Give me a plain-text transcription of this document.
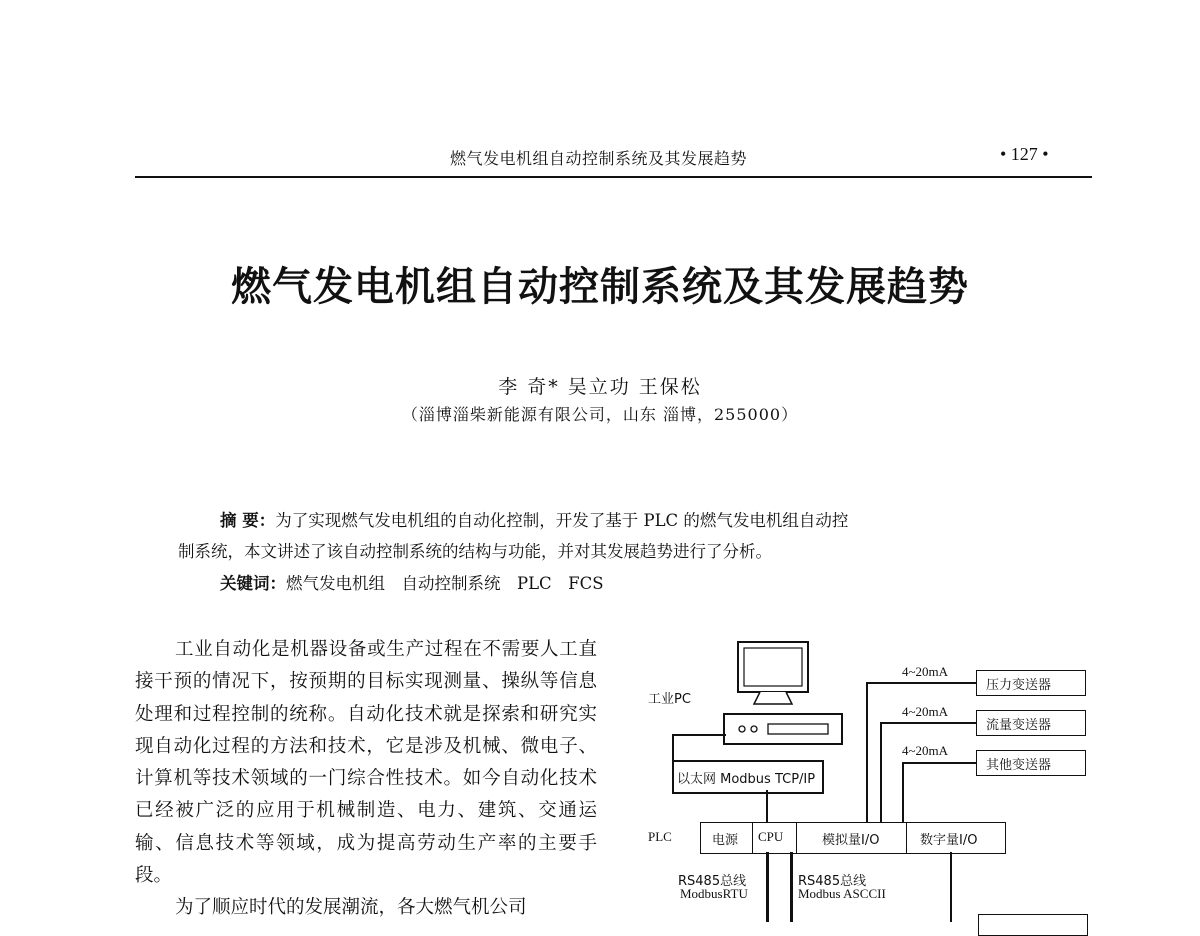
燃气发电机组自动控制系统及其发展趋势	• 127 •
燃气发电机组自动控制系统及其发展趋势
李 奇* 吴立功 王保松
（淄博淄柴新能源有限公司，山东 淄博，255000）
摘 要：为了实现燃气发电机组的自动化控制，开发了基于 PLC 的燃气发电机组自动控
制系统，本文讲述了该自动控制系统的结构与功能，并对其发展趋势进行了分析。
关键词：燃气发电机组　自动控制系统　PLC　FCS

工业自动化是机器设备或生产过程在不需要人工直接干预的情况下，按预期的目标实现测量、操纵等信息处理和过程控制的统称。自动化技术就是探索和研究实现自动化过程的方法和技术，它是涉及机械、微电子、计算机等技术领域的一门综合性技术。如今自动化技术已经被广泛的应用于机械制造、电力、建筑、交通运输、信息技术等领域，成为提高劳动生产率的主要手段。

为了顺应时代的发展潮流，各大燃气机公司

工业PC
以太网 Modbus TCP/IP
4~20mA
4~20mA
4~20mA
压力变送器
流量变送器
其他变送器
PLC	电源 CPU	模拟量I/O	数字量I/O
RS485总线
ModbusRTU
RS485总线
Modbus ASCCII
